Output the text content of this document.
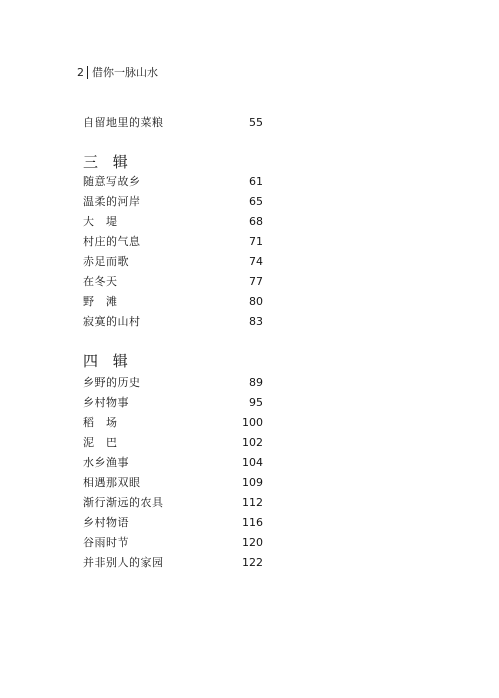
2 借你一脉山水
自留地里的菜粮	55
三 辑
随意写故乡	61
温柔的河岸	65
大　堤	68
村庄的气息	71
赤足而歌	74
在冬天	77
野　滩	80
寂寞的山村	83
四 辑
乡野的历史	89
乡村物事	95
稻　场	100
泥　巴	102
水乡渔事	104
相遇那双眼	109
渐行渐远的农具	112
乡村物语	116
谷雨时节	120
并非别人的家园	122
